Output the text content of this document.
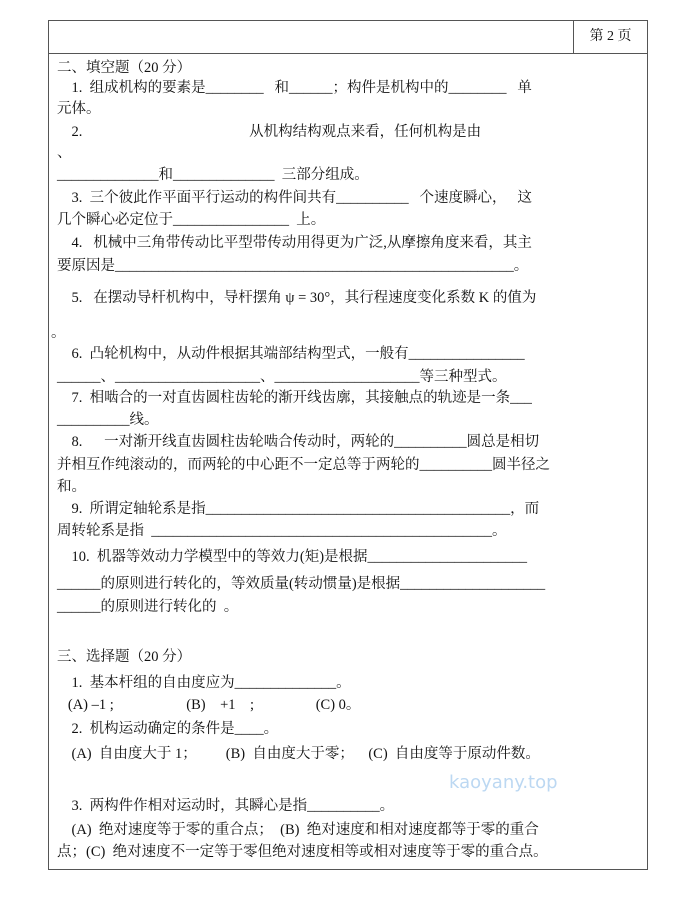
第 2 页
二、填空题（20 分）
1.  组成机构的要素是________   和______；构件是机构中的________   单
元体。
2.                                              从机构结构观点来看，任何机构是由
、
______________和______________  三部分组成。
3.  三个彼此作平面平行运动的构件间共有__________   个速度瞬心，   这
几个瞬心必定位于________________  上。
4.   机械中三角带传动比平型带传动用得更为广泛,从摩擦角度来看，其主
要原因是_______________________________________________________。
5.   在摆动导杆机构中，导杆摆角 ψ = 30°，其行程速度变化系数 K 的值为
。
6.  凸轮机构中，从动件根据其端部结构型式，一般有________________
______、____________________、____________________等三种型式。
7.  相啮合的一对直齿圆柱齿轮的渐开线齿廓，其接触点的轨迹是一条___
__________线。
8.      一对渐开线直齿圆柱齿轮啮合传动时，两轮的__________圆总是相切
并相互作纯滚动的，而两轮的中心距不一定总等于两轮的__________圆半径之
和。
9.  所谓定轴轮系是指__________________________________________，而
周转轮系是指  _______________________________________________。
10.  机器等效动力学模型中的等效力(矩)是根据______________________
______的原则进行转化的，等效质量(转动惯量)是根据____________________
______的原则进行转化的  。
三、选择题（20 分）
1.  基本杆组的自由度应为______________。
(A) –1 ;                    (B)    +1    ;                 (C) 0。
2.  机构运动确定的条件是____。
(A)  自由度大于 1；        (B)  自由度大于零；    (C)  自由度等于原动件数。
kaoyany.top
3.  两构件作相对运动时，其瞬心是指__________。
(A)  绝对速度等于零的重合点；  (B)  绝对速度和相对速度都等于零的重合
点；(C)  绝对速度不一定等于零但绝对速度相等或相对速度等于零的重合点。
